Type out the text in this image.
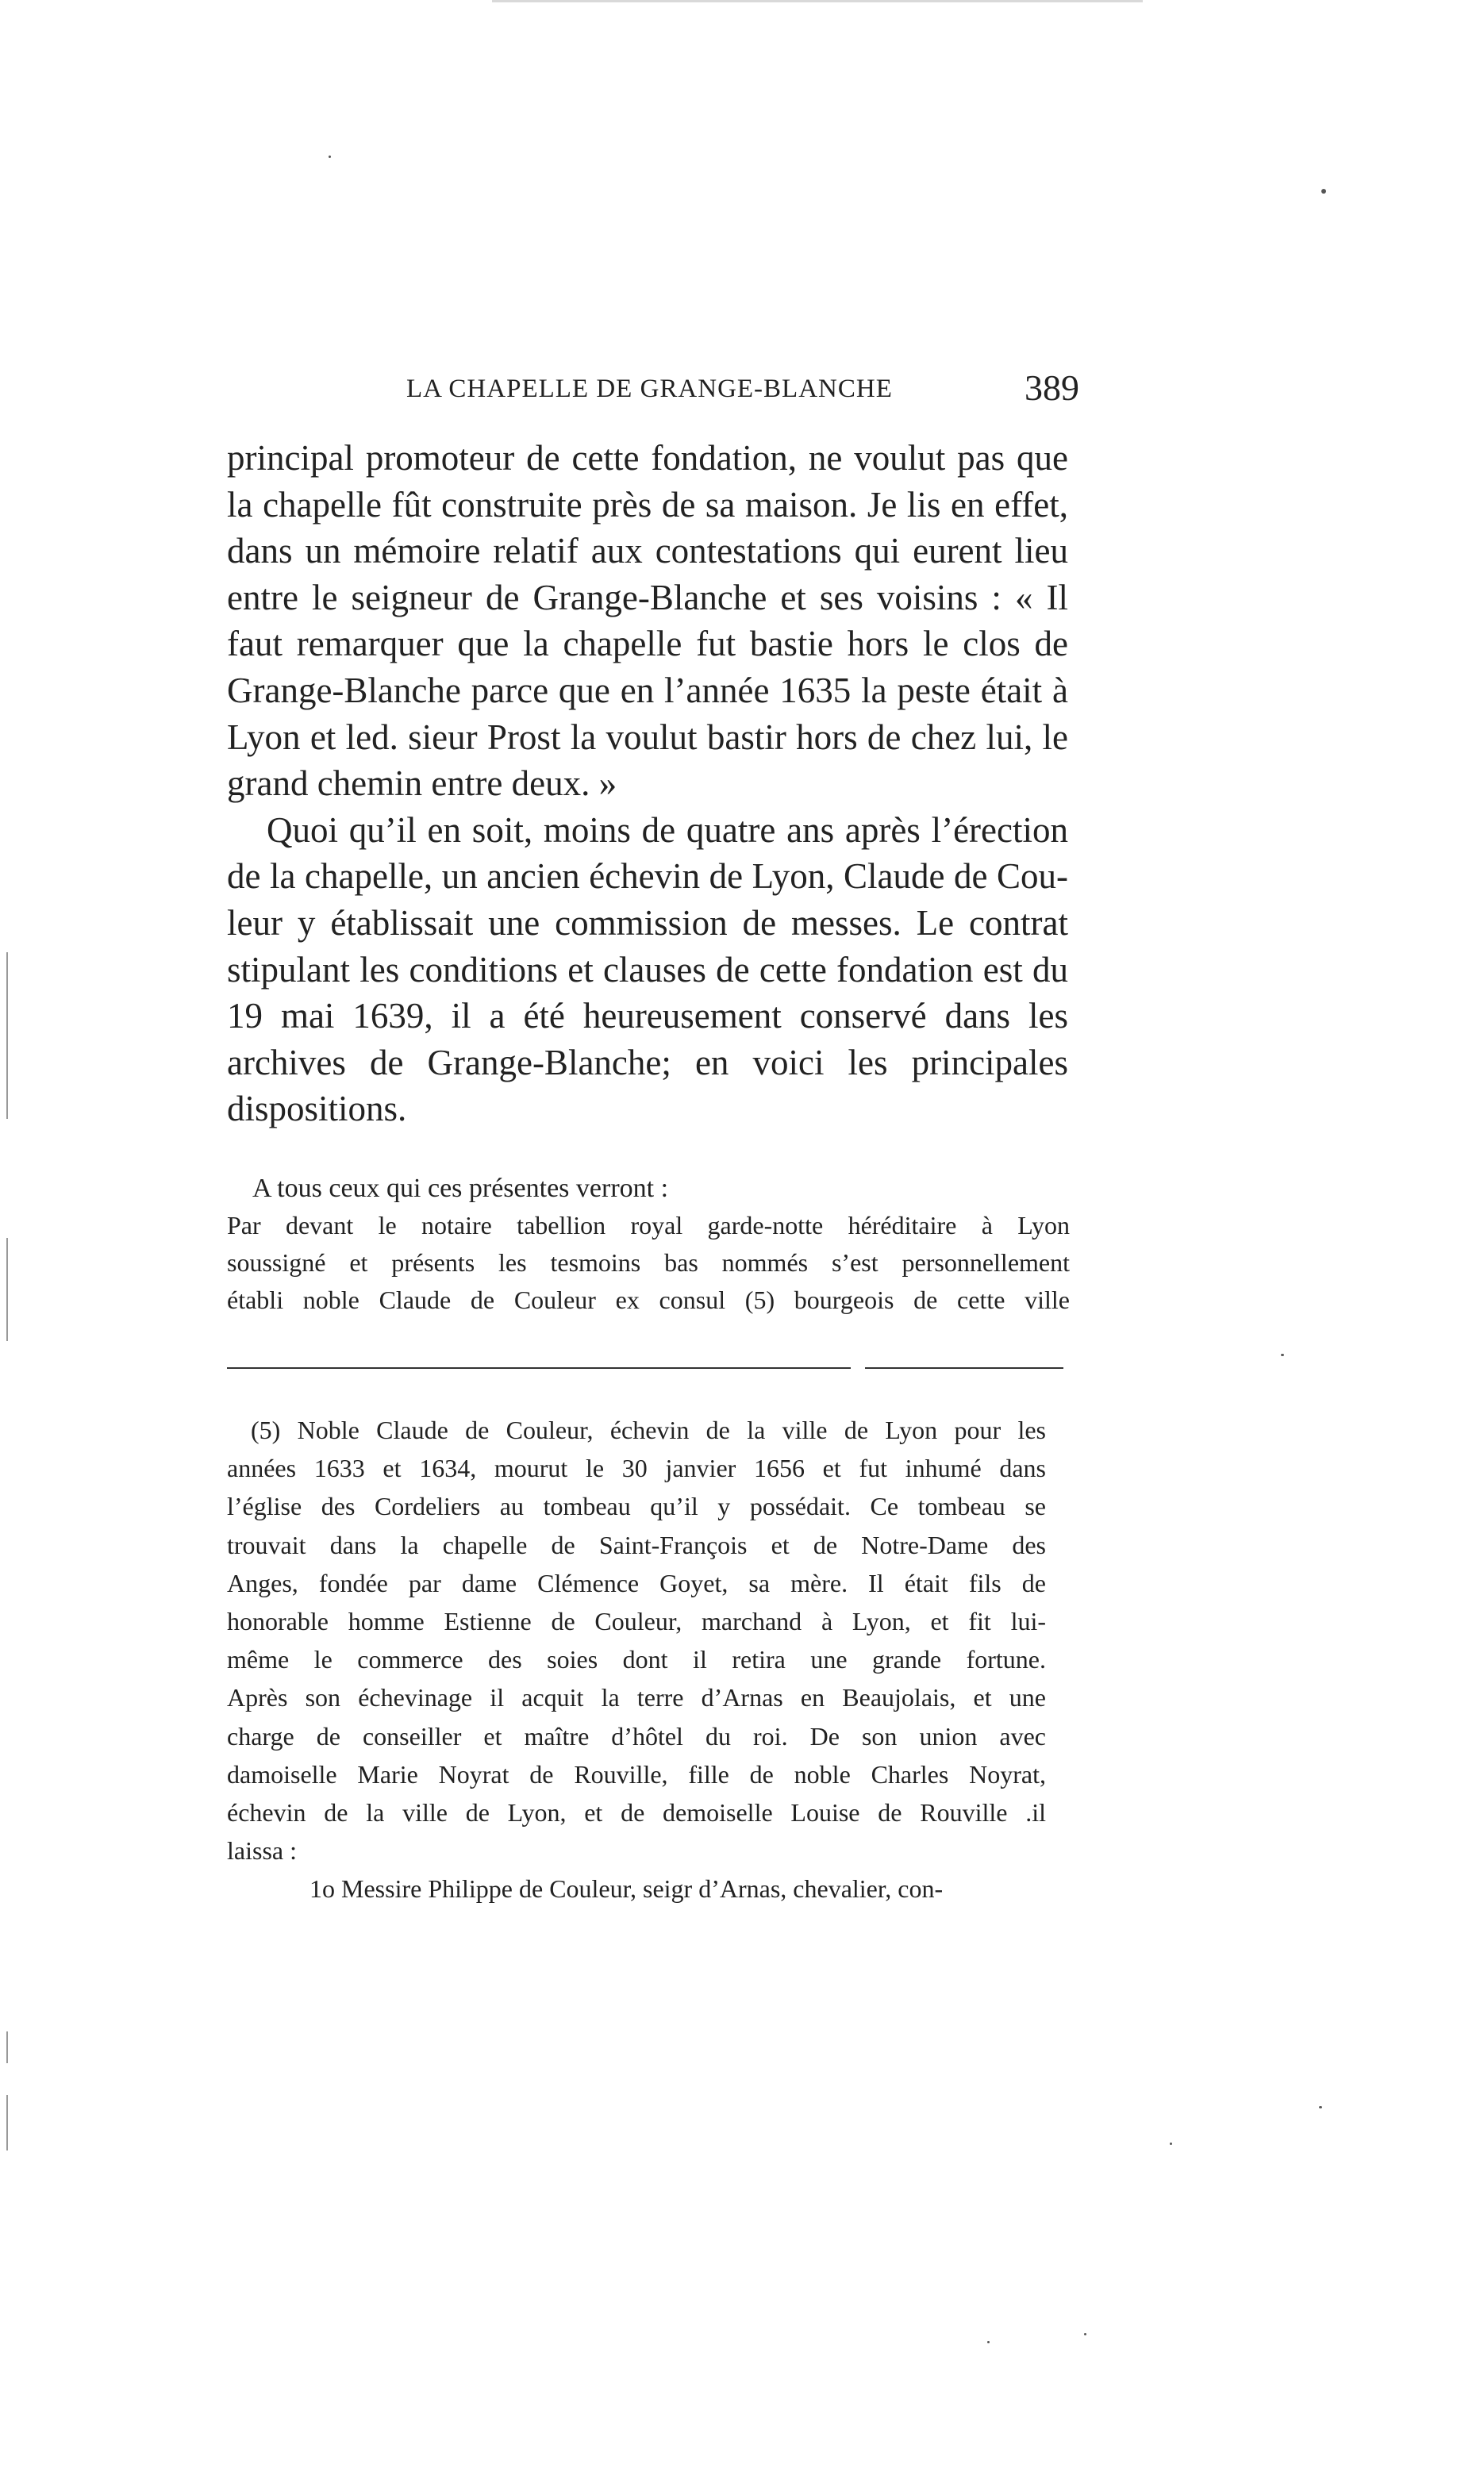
LA CHAPELLE DE GRANGE-BLANCHE	389
principal promoteur de cette fondation, ne voulut pas que
la chapelle fût construite près de sa maison. Je lis en effet,
dans un mémoire relatif aux contestations qui eurent lieu
entre le seigneur de Grange-Blanche et ses voisins : « Il
faut remarquer que la chapelle fut bastie hors le clos de
Grange-Blanche parce que en l’année 1635 la peste était à
Lyon et led. sieur Prost la voulut bastir hors de chez lui, le
grand chemin entre deux. »
Quoi qu’il en soit, moins de quatre ans après l’érection
de la chapelle, un ancien échevin de Lyon, Claude de Cou-
leur y établissait une commission de messes. Le contrat
stipulant les conditions et clauses de cette fondation est du
19 mai 1639, il a été heureusement conservé dans les
archives de Grange-Blanche; en voici les principales
dispositions.
A tous ceux qui ces présentes verront :
Par devant le notaire tabellion royal garde-notte héréditaire à Lyon
soussigné et présents les tesmoins bas nommés s’est personnellement
établi noble Claude de Couleur ex consul (5) bourgeois de cette ville
(5) Noble Claude de Couleur, échevin de la ville de Lyon pour les
années 1633 et 1634, mourut le 30 janvier 1656 et fut inhumé dans
l’église des Cordeliers au tombeau qu’il y possédait. Ce tombeau se
trouvait dans la chapelle de Saint-François et de Notre-Dame des
Anges, fondée par dame Clémence Goyet, sa mère. Il était fils de
honorable homme Estienne de Couleur, marchand à Lyon, et fit lui-
même le commerce des soies dont il retira une grande fortune.
Après son échevinage il acquit la terre d’Arnas en Beaujolais, et une
charge de conseiller et maître d’hôtel du roi. De son union avec
damoiselle Marie Noyrat de Rouville, fille de noble Charles Noyrat,
échevin de la ville de Lyon, et de demoiselle Louise de Rouville .il
laissa :
1o Messire Philippe de Couleur, seigr d’Arnas, chevalier, con-
